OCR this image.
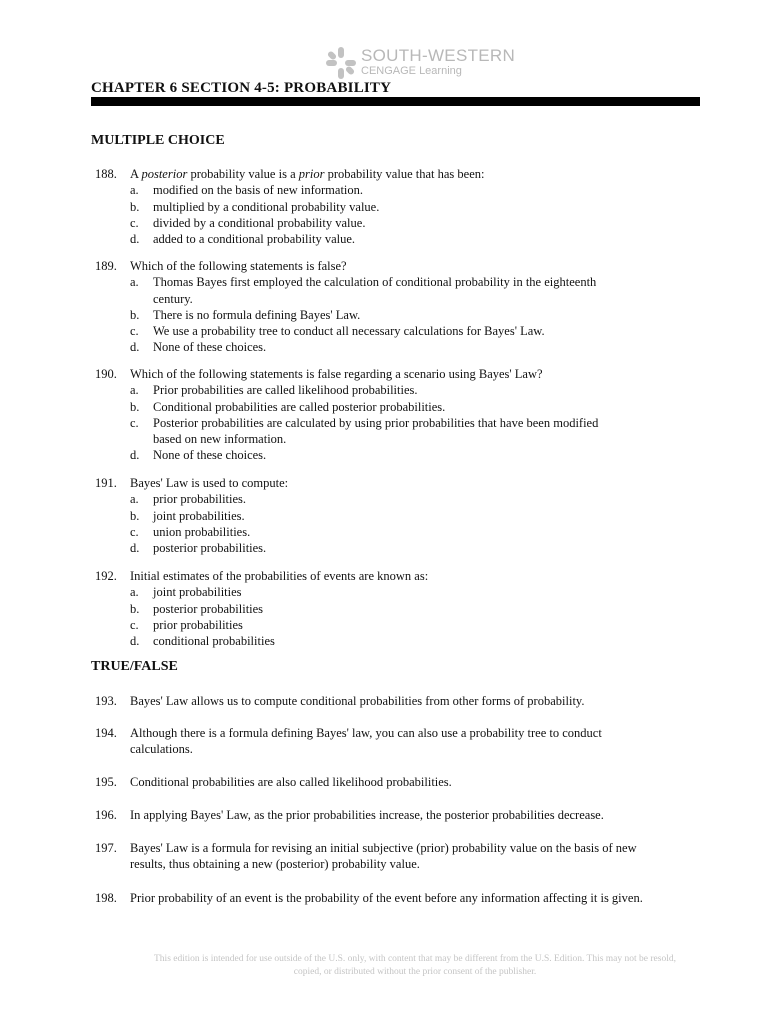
SOUTH-WESTERN
CENGAGE Learning
CHAPTER 6 SECTION 4-5: PROBABILITY
MULTIPLE CHOICE
188. A posterior probability value is a prior probability value that has been:
a. modified on the basis of new information.
b. multiplied by a conditional probability value.
c. divided by a conditional probability value.
d. added to a conditional probability value.
189. Which of the following statements is false?
a. Thomas Bayes first employed the calculation of conditional probability in the eighteenth
century.
b. There is no formula defining Bayes' Law.
c. We use a probability tree to conduct all necessary calculations for Bayes' Law.
d. None of these choices.
190. Which of the following statements is false regarding a scenario using Bayes' Law?
a. Prior probabilities are called likelihood probabilities.
b. Conditional probabilities are called posterior probabilities.
c. Posterior probabilities are calculated by using prior probabilities that have been modified
based on new information.
d. None of these choices.
191. Bayes' Law is used to compute:
a. prior probabilities.
b. joint probabilities.
c. union probabilities.
d. posterior probabilities.
192. Initial estimates of the probabilities of events are known as:
a. joint probabilities
b. posterior probabilities
c. prior probabilities
d. conditional probabilities
TRUE/FALSE
193. Bayes' Law allows us to compute conditional probabilities from other forms of probability.
194. Although there is a formula defining Bayes' law, you can also use a probability tree to conduct
calculations.
195. Conditional probabilities are also called likelihood probabilities.
196. In applying Bayes' Law, as the prior probabilities increase, the posterior probabilities decrease.
197. Bayes' Law is a formula for revising an initial subjective (prior) probability value on the basis of new
results, thus obtaining a new (posterior) probability value.
198. Prior probability of an event is the probability of the event before any information affecting it is given.
This edition is intended for use outside of the U.S. only, with content that may be different from the U.S. Edition. This may not be resold,
copied, or distributed without the prior consent of the publisher.
